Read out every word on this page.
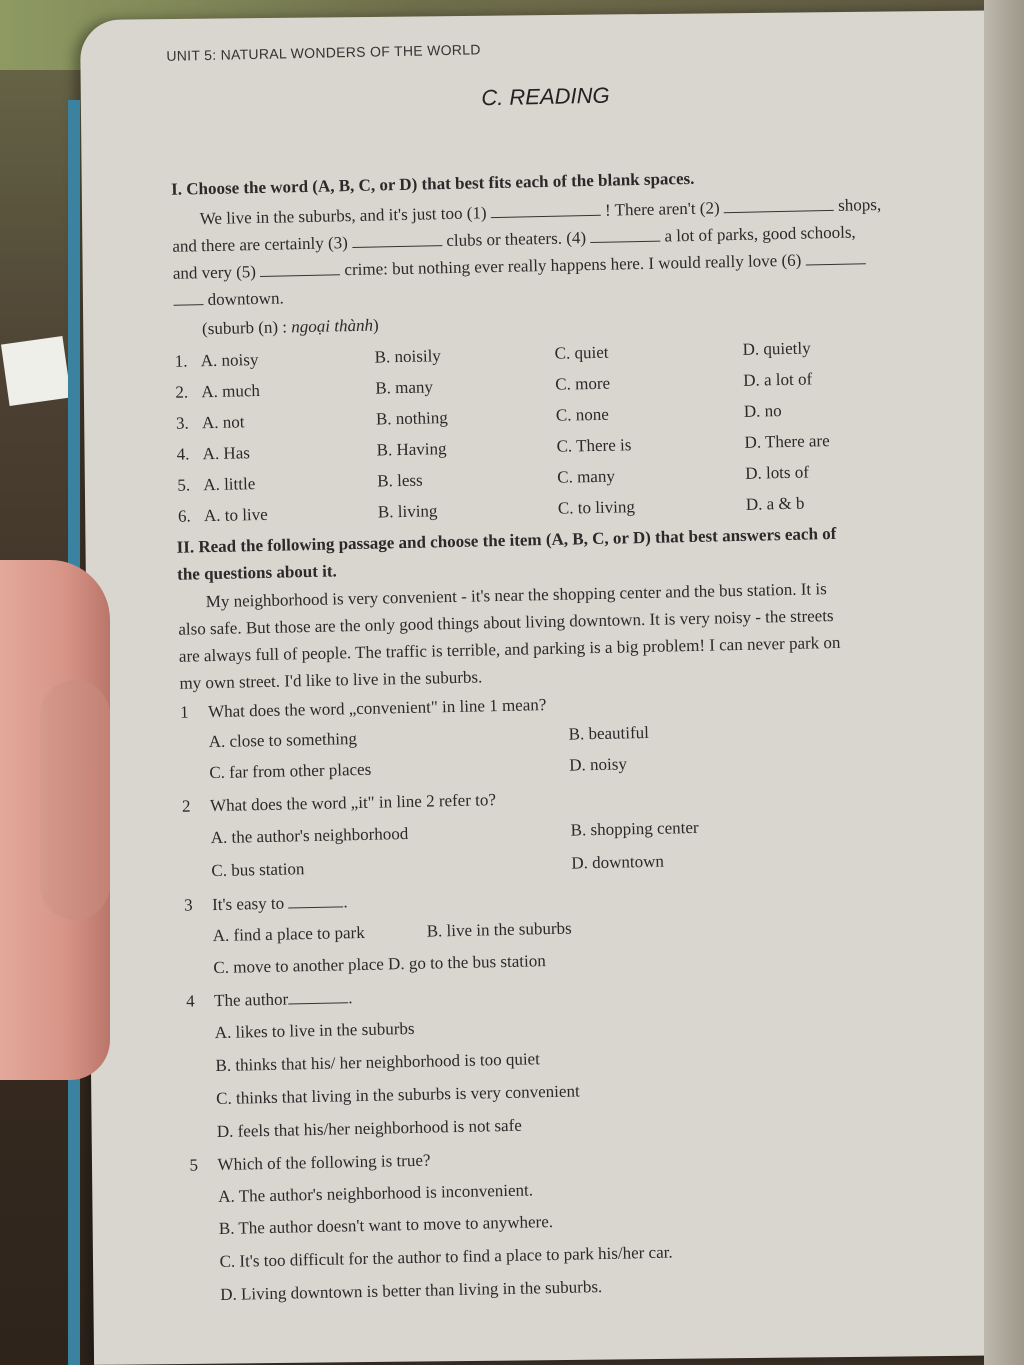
UNIT 5: NATURAL WONDERS OF THE WORLD
C. READING
I. Choose the word (A, B, C, or D) that best fits each of the blank spaces.
We live in the suburbs, and it's just too (1)	! There aren't (2)	shops,
and there are certainly (3)	clubs or theaters. (4)	a lot of parks, good schools,
and very (5)	crime: but nothing ever really happens here. I would really love (6)
downtown.
(suburb (n) : ngoại thành)
1. A. noisy	B. noisily	C. quiet	D. quietly
2. A. much	B. many	C. more	D. a lot of
3. A. not	B. nothing	C. none	D. no
4. A. Has	B. Having	C. There is	D. There are
5. A. little	B. less	C. many	D. lots of
6. A. to live	B. living	C. to living	D. a & b
II. Read the following passage and choose the item (A, B, C, or D) that best answers each of
the questions about it.
My neighborhood is very convenient - it's near the shopping center and the bus station. It is
also safe. But those are the only good things about living downtown. It is very noisy - the streets
are always full of people. The traffic is terrible, and parking is a big problem! I can never park on
my own street. I'd like to live in the suburbs.
1 What does the word „convenient" in line 1 mean?
A. close to something	B. beautiful
C. far from other places	D. noisy
2 What does the word „it" in line 2 refer to?
A. the author's neighborhood	B. shopping center
C. bus station	D. downtown
3 It's easy to	.
A. find a place to park	B. live in the suburbs
C. move to another place D. go to the bus station
4 The author	.
A. likes to live in the suburbs
B. thinks that his/ her neighborhood is too quiet
C. thinks that living in the suburbs is very convenient
D. feels that his/her neighborhood is not safe
5 Which of the following is true?
A. The author's neighborhood is inconvenient.
B. The author doesn't want to move to anywhere.
C. It's too difficult for the author to find a place to park his/her car.
D. Living downtown is better than living in the suburbs.
